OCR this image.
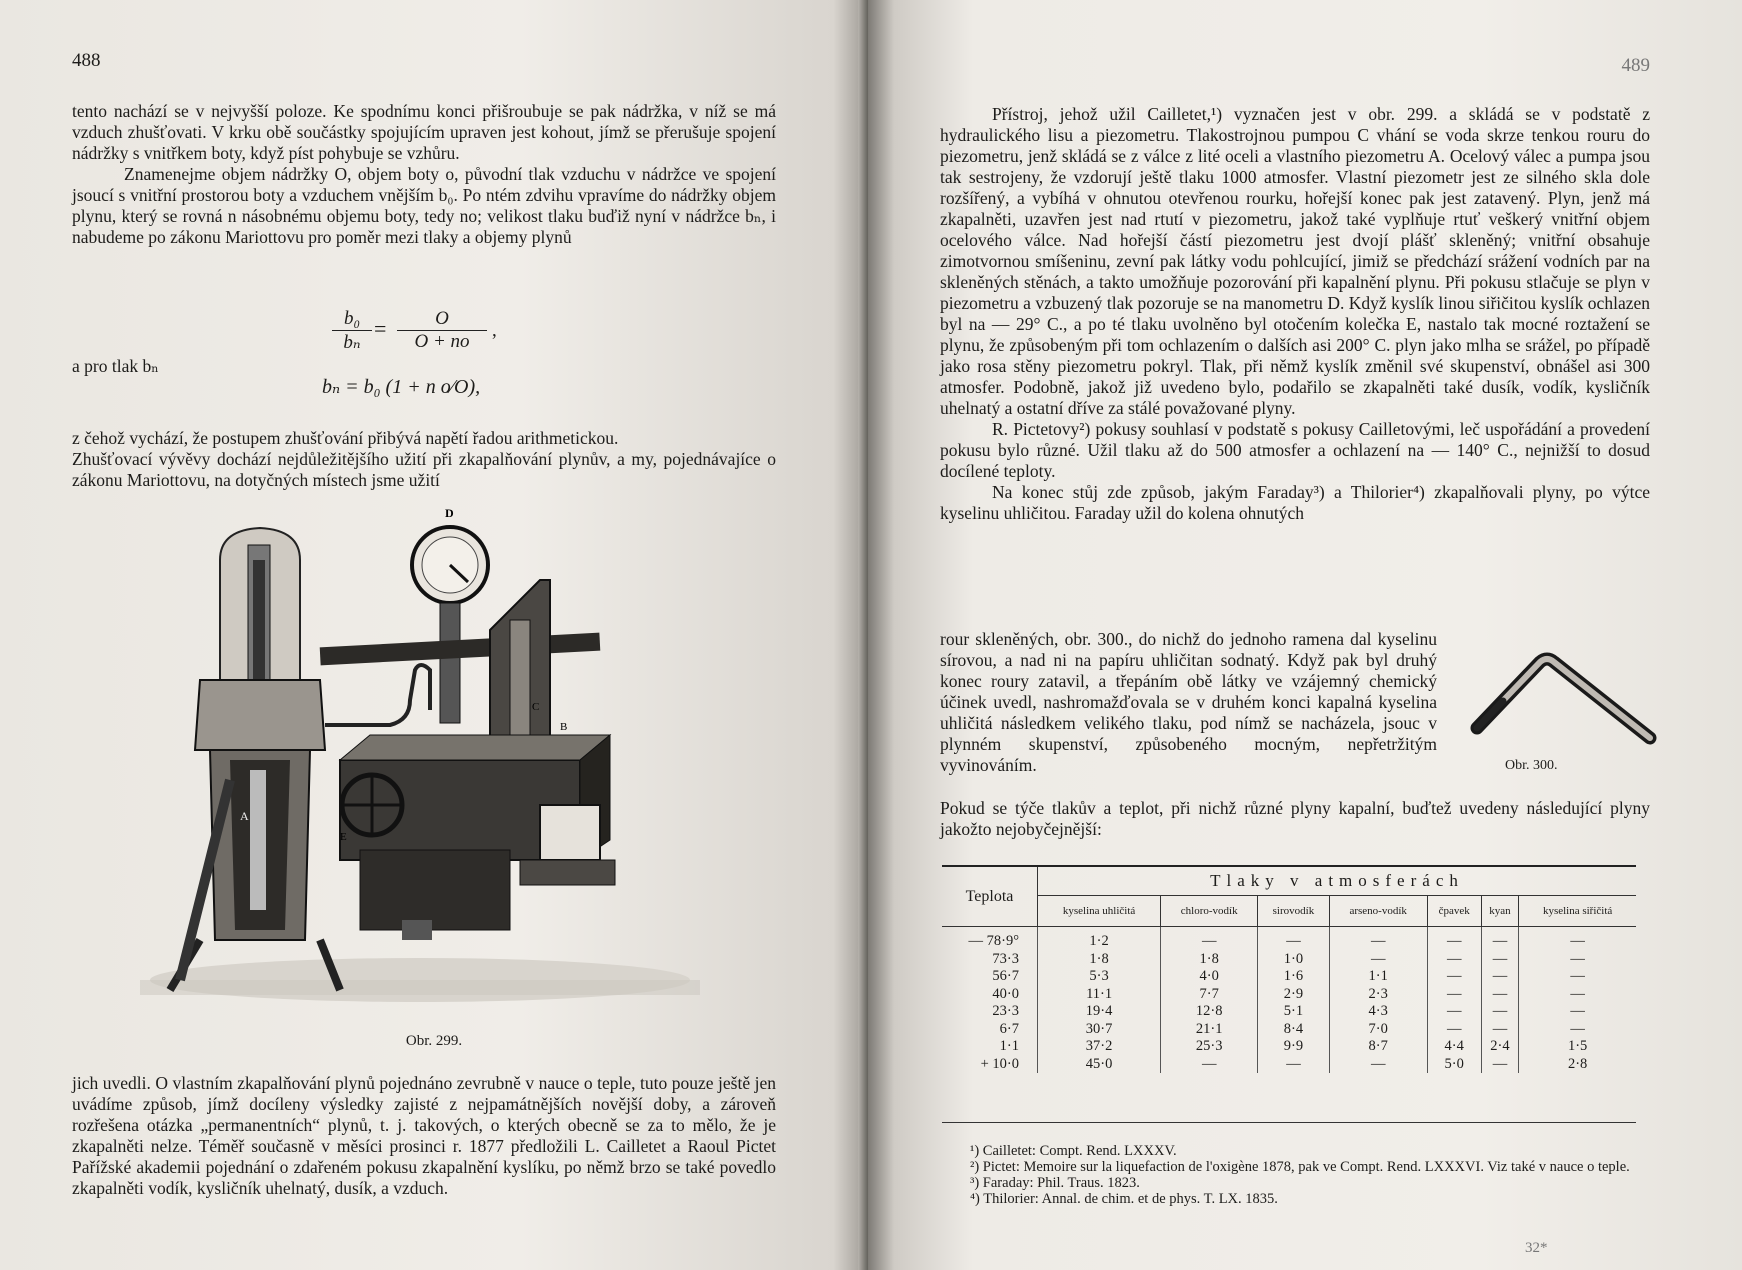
488

tento nachází se v nejvyšší poloze. Ke spodnímu konci přišroubuje se pak nádržka, v níž se má vzduch zhušťovati. V krku obě součástky spojujícím upraven jest kohout, jímž se přerušuje spojení nádržky s vnitřkem boty, když píst pohybuje se vzhůru.

Znamenejme objem nádržky O, objem boty o, původní tlak vzduchu v nádržce ve spojení jsoucí s vnitřní prostorou boty a vzduchem vnějším b₀. Po ntém zdvihu vpravíme do nádržky objem plynu, který se rovná n násobnému objemu boty, tedy no; velikost tlaku buďiž nyní v nádržce bₙ, i nabudeme po zákonu Mariottovu pro poměr mezi tlaky a objemy plynů

$\frac{\text{b₀}}{\text{bₙ}} = \frac{O}{O + no}$ ,
a pro tlak bₙ
bₙ = b₀ (1 + n o⁄O),

z čehož vychází, že postupem zhušťování přibývá napětí řadou arithmetickou.

Zhušťovací vývěvy dochází nejdůležitějšího užití při zkapalňování plynův, a my, pojednávajíce o zákonu Mariottovu, na dotyčných místech jsme užití

A
D
C
B
E
Obr. 299.

jich uvedli. O vlastním zkapalňování plynů pojednáno zevrubně v nauce o teple, tuto pouze ještě jen uvádíme způsob, jímž docíleny výsledky zajisté z nejpamátnějších novější doby, a zároveň rozřešena otázka „permanentních“ plynů, t. j. takových, o kterých obecně se za to mělo, že je zkapalněti nelze. Téměř současně v měsíci prosinci r. 1877 předložili L. Cailletet a Raoul Pictet Pařížské akademii pojednání o zdařeném pokusu zkapalnění kyslíku, po němž brzo se také povedlo zkapalněti vodík, kysličník uhelnatý, dusík, a vzduch.

489

Přístroj, jehož užil Cailletet,¹) vyznačen jest v obr. 299. a skládá se v podstatě z hydraulického lisu a piezometru. Tlakostrojnou pumpou C vhání se voda skrze tenkou rouru do piezometru, jenž skládá se z válce z lité oceli a vlastního piezometru A. Ocelový válec a pumpa jsou tak sestrojeny, že vzdorují ještě tlaku 1000 atmosfer. Vlastní piezometr jest ze silného skla dole rozšířený, a vybíhá v ohnutou otevřenou rourku, hořejší konec pak jest zatavený. Plyn, jenž má zkapalněti, uzavřen jest nad rtutí v piezometru, jakož také vyplňuje rtuť veškerý vnitřní objem ocelového válce. Nad hořejší částí piezometru jest dvojí plášť skleněný; vnitřní obsahuje zimotvornou smíšeninu, zevní pak látky vodu pohlcující, jimiž se předchází srážení vodních par na skleněných stěnách, a takto umožňuje pozorování při kapalnění plynu. Při pokusu stlačuje se plyn v piezometru a vzbuzený tlak pozoruje se na manometru D. Když kyslík linou siřičitou kyslík ochlazen byl na — 29° C., a po té tlaku uvolněno byl otočením kolečka E, nastalo tak mocné roztažení se plynu, že způsobeným při tom ochlazením o dalších asi 200° C. plyn jako mlha se srážel, po případě jako rosa stěny piezometru pokryl. Tlak, při němž kyslík změnil své skupenství, obnášel asi 300 atmosfer. Podobně, jakož již uvedeno bylo, podařilo se zkapalněti také dusík, vodík, kysličník uhelnatý a ostatní dříve za stálé považované plyny.

R. Pictetovy²) pokusy souhlasí v podstatě s pokusy Cailletovými, leč uspořádání a provedení pokusu bylo různé. Užil tlaku až do 500 atmosfer a ochlazení na — 140° C., nejnižší to dosud docílené teploty.

Na konec stůj zde způsob, jakým Faraday³) a Thilorier⁴) zkapalňovali plyny, po výtce kyselinu uhličitou. Faraday užil do kolena ohnutých

rour skleněných, obr. 300., do nichž do jednoho ramena dal kyselinu sírovou, a nad ni na papíru uhličitan sodnatý. Když pak byl druhý konec roury zatavil, a třepáním obě látky ve vzájemný chemický účinek uvedl, nashromažďovala se v druhém konci kapalná kyselina uhličitá následkem velikého tlaku, pod nímž se nacházela, jsouc v plynném skupenství, způsobeného mocným, nepřetržitým vyvinováním.	Obr. 300.

Pokud se týče tlakův a teplot, při nichž různé plyny kapalní, buďtež uvedeny následující plyny jakožto nejobyčejnější:

Teplota	Tlaky v atmosferách						
	kyselina uhličitá	chloro-vodík	sirovodík	arseno-vodík	čpavek	kyan	kyselina siřičitá
— 78·9°	1·2	—	—	—	—	—	—
73·3	1·8	1·8	1·0	—	—	—	—
56·7	5·3	4·0	1·6	1·1	—	—	—
40·0	11·1	7·7	2·9	2·3	—	—	—
23·3	19·4	12·8	5·1	4·3	—	—	—
6·7	30·7	21·1	8·4	7·0	—	—	—
1·1	37·2	25·3	9·9	8·7	4·4	2·4	1·5
+ 10·0	45·0	—	—	—	5·0	—	2·8

¹) Cailletet: Compt. Rend. LXXXV.

²) Pictet: Memoire sur la liquefaction de l'oxigène 1878, pak ve Compt. Rend. LXXXVI. Viz také v nauce o teple.

³) Faraday: Phil. Traus. 1823.

⁴) Thilorier: Annal. de chim. et de phys. T. LX. 1835.

32*
